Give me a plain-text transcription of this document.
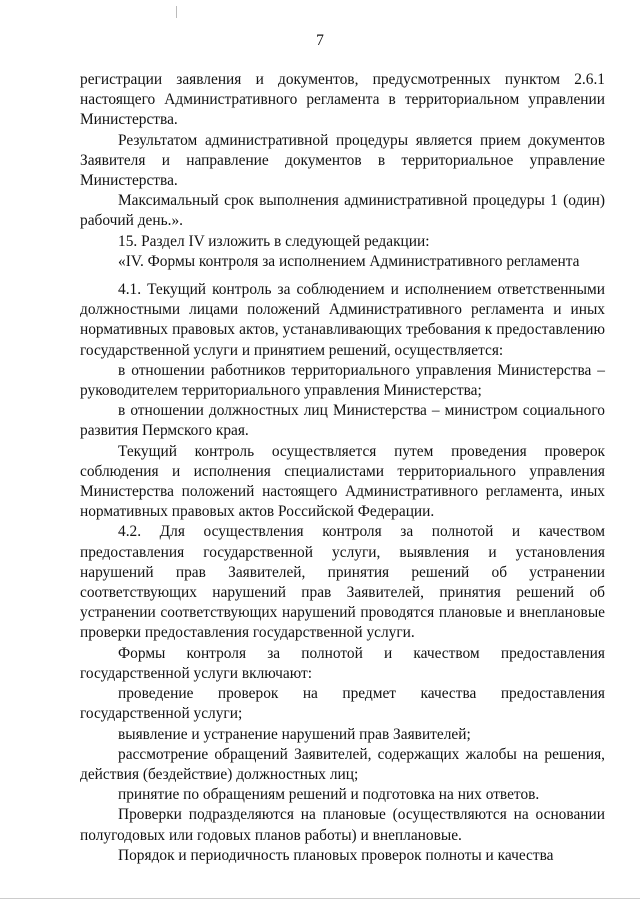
7

регистрации заявления и документов, предусмотренных пунктом 2.6.1 настоящего Административного регламента в территориальном управлении Министерства.

Результатом административной процедуры является прием документов Заявителя и направление документов в территориальное управление Министерства.

Максимальный срок выполнения административной процедуры 1 (один) рабочий день.».

15. Раздел IV изложить в следующей редакции:

«IV. Формы контроля за исполнением Административного регламента

4.1. Текущий контроль за соблюдением и исполнением ответственными должностными лицами положений Административного регламента и иных нормативных правовых актов, устанавливающих требования к предоставлению государственной услуги и принятием решений, осуществляется:

в отношении работников территориального управления Министерства – руководителем территориального управления Министерства;

в отношении должностных лиц Министерства – министром социального развития Пермского края.

Текущий контроль осуществляется путем проведения проверок соблюдения и исполнения специалистами территориального управления Министерства положений настоящего Административного регламента, иных нормативных правовых актов Российской Федерации.

4.2. Для осуществления контроля за полнотой и качеством предоставления государственной услуги, выявления и установления нарушений прав Заявителей, принятия решений об устранении соответствующих нарушений прав Заявителей, принятия решений об устранении соответствующих нарушений проводятся плановые и внеплановые проверки предоставления государственной услуги.

Формы контроля за полнотой и качеством предоставления государственной услуги включают:

проведение проверок на предмет качества предоставления государственной услуги;

выявление и устранение нарушений прав Заявителей;

рассмотрение обращений Заявителей, содержащих жалобы на решения, действия (бездействие) должностных лиц;

принятие по обращениям решений и подготовка на них ответов.

Проверки подразделяются на плановые (осуществляются на основании полугодовых или годовых планов работы) и внеплановые.

Порядок и периодичность плановых проверок полноты и качества
